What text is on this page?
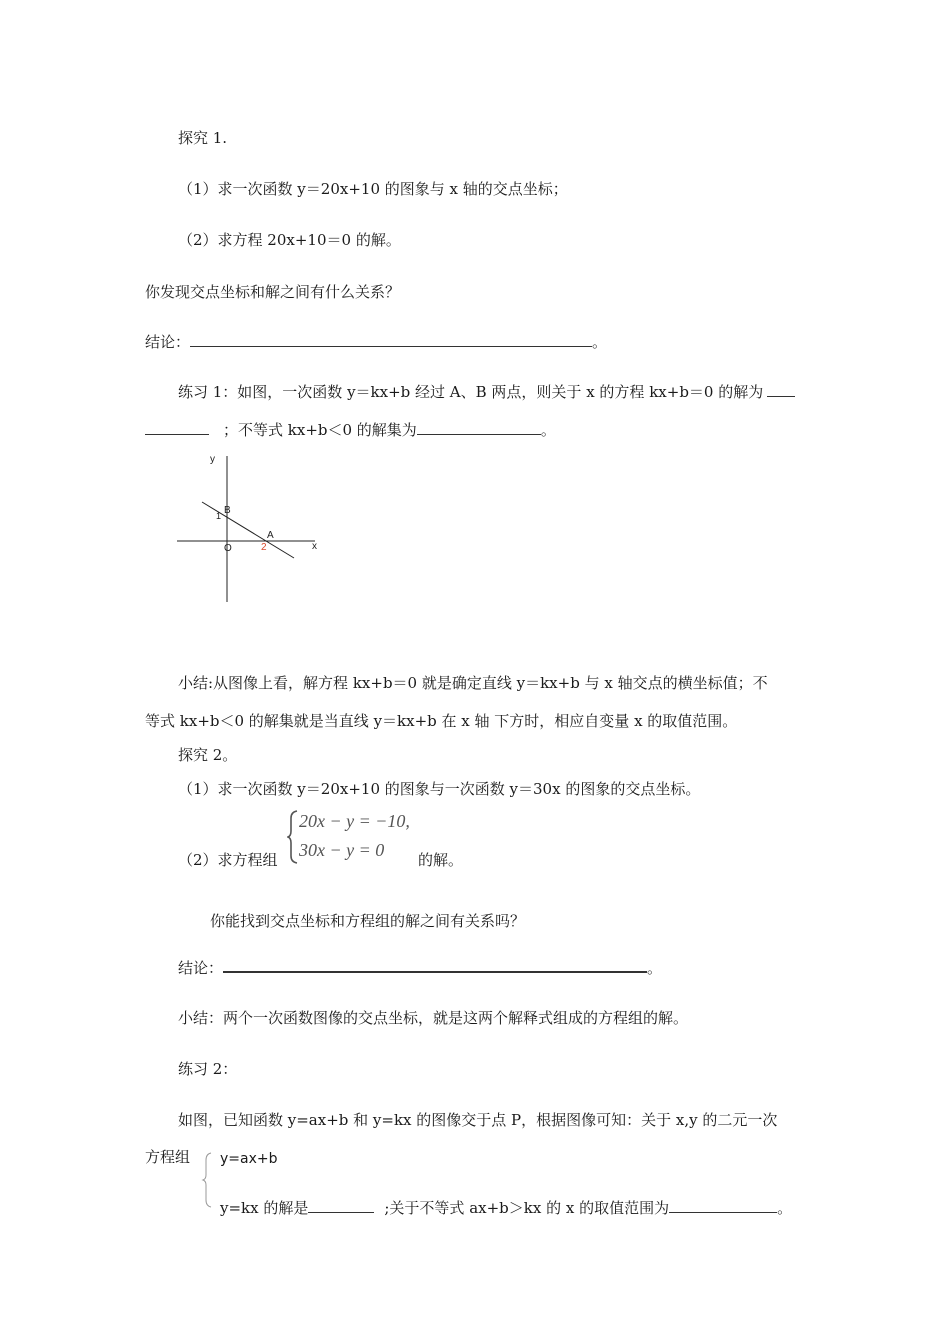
探究 1.
（1）求一次函数 y＝20x+10 的图象与 x 轴的交点坐标；
（2）求方程 20x+10＝0 的解。
你发现交点坐标和解之间有什么关系？
结论：	。
练习 1：如图，一次函数 y＝kx+b 经过 A、B 两点，则关于 x 的方程 kx+b＝0 的解为
；不等式 kx+b＜0 的解集为	。
y
x
B
1
A
O	2
小结:从图像上看，解方程 kx+b＝0 就是确定直线 y＝kx+b 与 x 轴交点的横坐标值；不
等式 kx+b＜0 的解集就是当直线 y＝kx+b 在 x 轴 下方时，相应自变量 x 的取值范围。
探究 2。
（1）求一次函数 y＝20x+10 的图象与一次函数 y＝30x 的图象的交点坐标。
（2）求方程组
20x − y = −10,
30x − y = 0 的解。
你能找到交点坐标和方程组的解之间有关系吗？
结论：	。
小结：两个一次函数图像的交点坐标，就是这两个解释式组成的方程组的解。
练习 2：
如图，已知函数 y=ax+b 和 y=kx 的图像交于点 P，根据图像可知：关于 x,y 的二元一次
方程组 y=ax+b
y=kx 的解是	;关于不等式 ax+b＞kx 的 x 的取值范围为	。
